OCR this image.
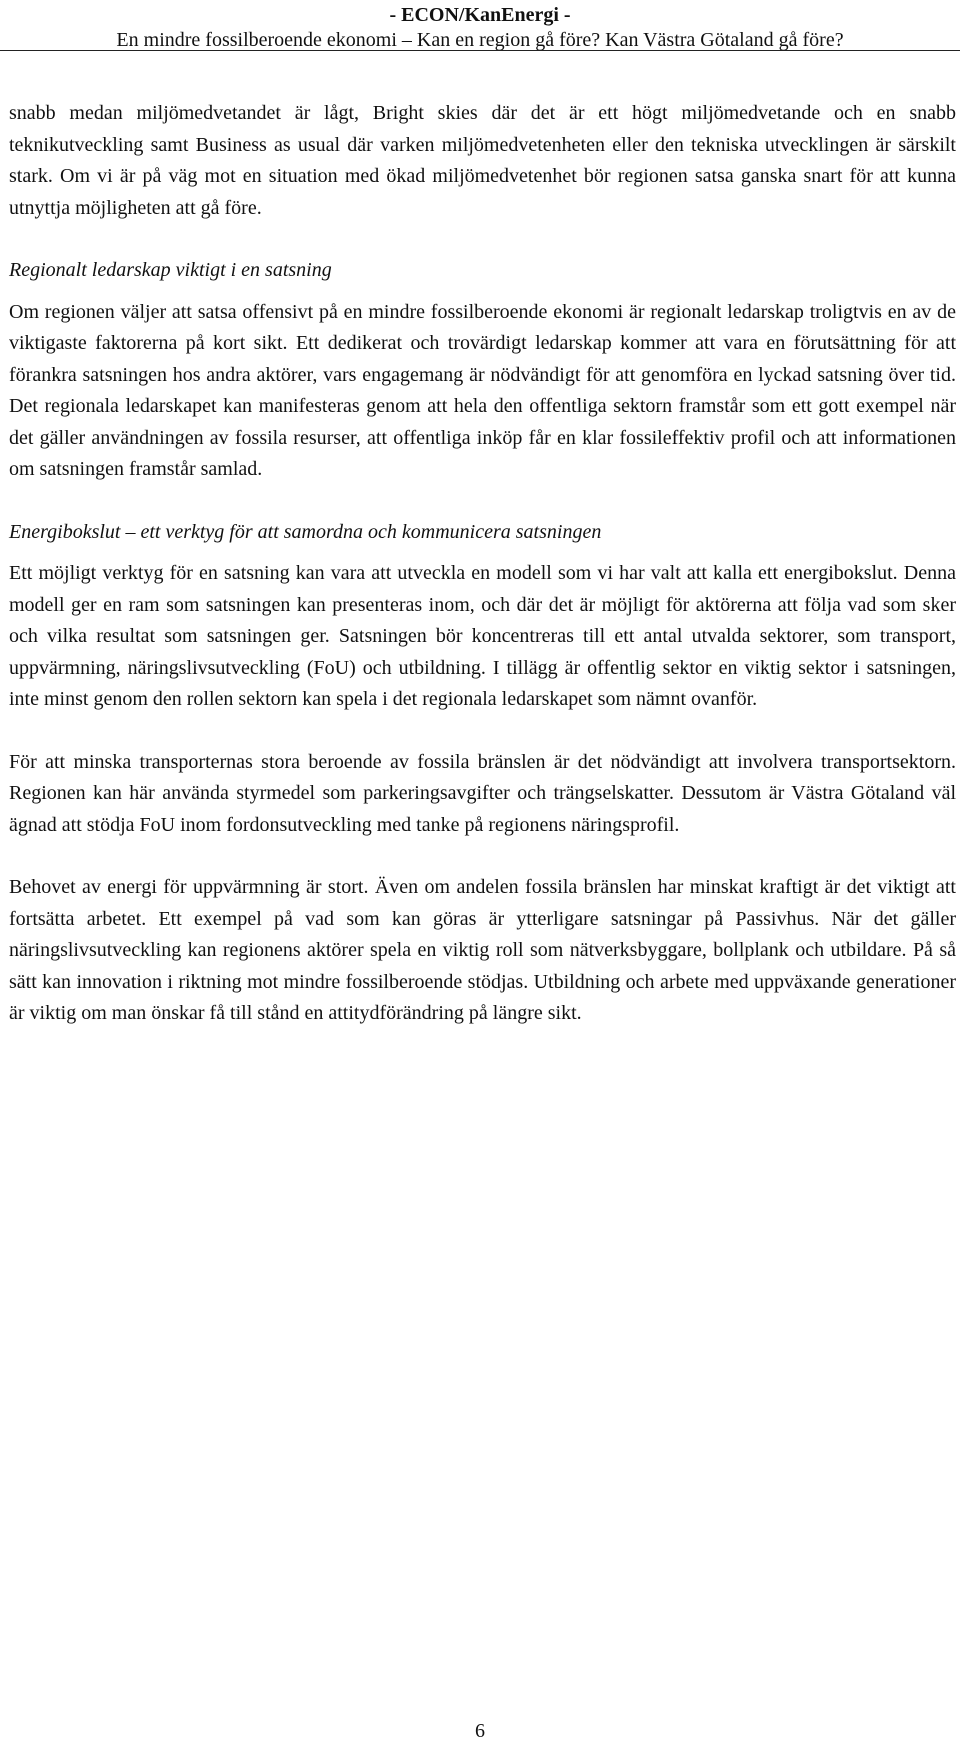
- ECON/KanEnergi -
En mindre fossilberoende ekonomi – Kan en region gå före? Kan Västra Götaland gå före?

snabb medan miljömedvetandet är lågt, Bright skies där det är ett högt miljömedvetande och en snabb teknikutveckling samt Business as usual där varken miljömedvetenheten eller den tekniska utvecklingen är särskilt stark. Om vi är på väg mot en situation med ökad miljömedvetenhet bör regionen satsa ganska snart för att kunna utnyttja möjligheten att gå före.

Regionalt ledarskap viktigt i en satsning

Om regionen väljer att satsa offensivt på en mindre fossilberoende ekonomi är regionalt ledarskap troligtvis en av de viktigaste faktorerna på kort sikt. Ett dedikerat och trovärdigt ledarskap kommer att vara en förutsättning för att förankra satsningen hos andra aktörer, vars engagemang är nödvändigt för att genomföra en lyckad satsning över tid. Det regionala ledarskapet kan manifesteras genom att hela den offentliga sektorn framstår som ett gott exempel när det gäller användningen av fossila resurser, att offentliga inköp får en klar fossileffektiv profil och att informationen om satsningen framstår samlad.

Energibokslut – ett verktyg för att samordna och kommunicera satsningen

Ett möjligt verktyg för en satsning kan vara att utveckla en modell som vi har valt att kalla ett energibokslut. Denna modell ger en ram som satsningen kan presenteras inom, och där det är möjligt för aktörerna att följa vad som sker och vilka resultat som satsningen ger. Satsningen bör koncentreras till ett antal utvalda sektorer, som transport, uppvärmning, näringslivsutveckling (FoU) och utbildning. I tillägg är offentlig sektor en viktig sektor i satsningen, inte minst genom den rollen sektorn kan spela i det regionala ledarskapet som nämnt ovanför.

För att minska transporternas stora beroende av fossila bränslen är det nödvändigt att involvera transportsektorn. Regionen kan här använda styrmedel som parkeringsavgifter och trängselskatter. Dessutom är Västra Götaland väl ägnad att stödja FoU inom fordonsutveckling med tanke på regionens näringsprofil.

Behovet av energi för uppvärmning är stort. Även om andelen fossila bränslen har minskat kraftigt är det viktigt att fortsätta arbetet. Ett exempel på vad som kan göras är ytterligare satsningar på Passivhus. När det gäller näringslivsutveckling kan regionens aktörer spela en viktig roll som nätverksbyggare, bollplank och utbildare. På så sätt kan innovation i riktning mot mindre fossilberoende stödjas. Utbildning och arbete med uppväxande generationer är viktig om man önskar få till stånd en attitydförändring på längre sikt.

6
